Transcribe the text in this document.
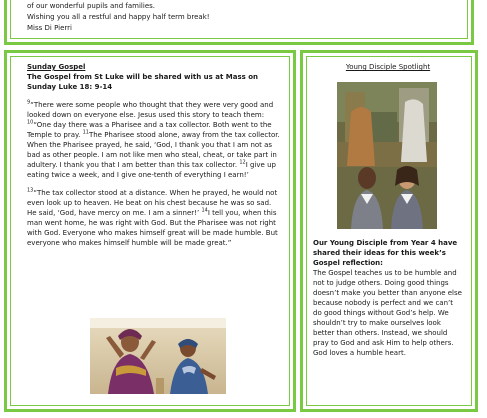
of our wonderful pupils and families.
Wishing you all a restful and happy half term break!
Miss Di Pierri
Sunday Gospel
The Gospel from St Luke will be shared with us at Mass on Sunday Luke 18: 9-14

$^9$“There were some people who thought that they were very good and looked down on everyone else. Jesus used this story to teach them: $^{10}$“One day there was a Pharisee and a tax collector. Both went to the Temple to pray. $^{11}$The Pharisee stood alone, away from the tax collector. When the Pharisee prayed, he said, ‘God, I thank you that I am not as bad as other people. I am not like men who steal, cheat, or take part in adultery. I thank you that I am better than this tax collector. $^{12}$I give up eating twice a week, and I give one-tenth of everything I earn!’

$^{13}$“The tax collector stood at a distance. When he prayed, he would not even look up to heaven. He beat on his chest because he was so sad. He said, ‘God, have mercy on me. I am a sinner!’ $^{14}$I tell you, when this man went home, he was right with God. But the Pharisee was not right with God. Everyone who makes himself great will be made humble. But everyone who makes himself humble will be made great.”

Young Disciple Spotlight
Our Young Disciple from Year 4 have shared their ideas for this week’s Gospel reflection:
The Gospel teaches us to be humble and not to judge others. Doing good things doesn’t make you better than anyone else because nobody is perfect and we can’t do good things without God’s help. We shouldn’t try to make ourselves look better than others. Instead, we should pray to God and ask Him to help others. God loves a humble heart.
